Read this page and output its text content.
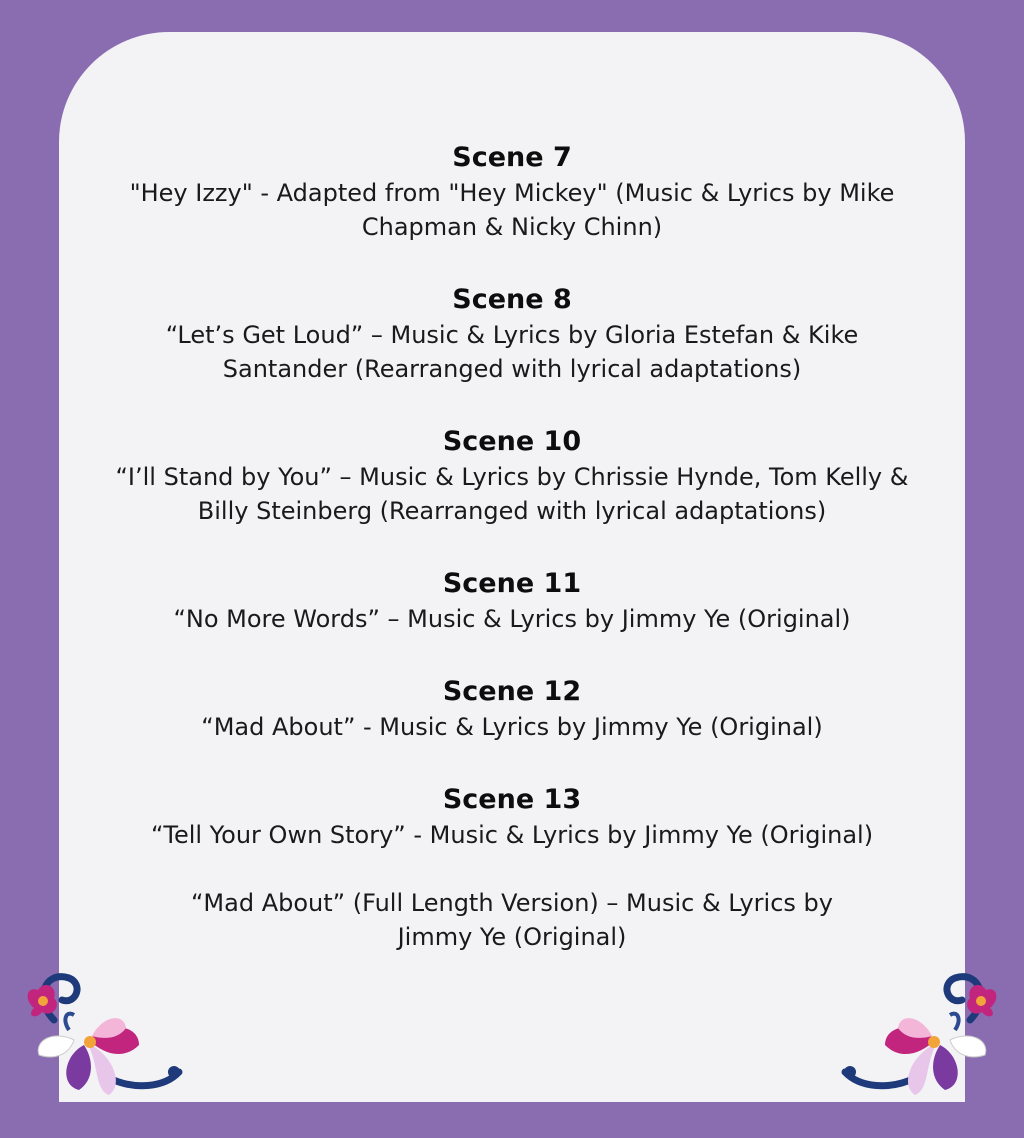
Scene 7

"Hey Izzy" - Adapted from "Hey Mickey" (Music & Lyrics by Mike Chapman & Nicky Chinn)

Scene 8

“Let’s Get Loud” – Music & Lyrics by Gloria Estefan & Kike Santander (Rearranged with lyrical adaptations)

Scene 10

“I’ll Stand by You” – Music & Lyrics by Chrissie Hynde, Tom Kelly & Billy Steinberg (Rearranged with lyrical adaptations)

Scene 11

“No More Words” – Music & Lyrics by Jimmy Ye (Original)

Scene 12

“Mad About” - Music & Lyrics by Jimmy Ye (Original)

Scene 13

“Tell Your Own Story” - Music & Lyrics by Jimmy Ye (Original)

“Mad About” (Full Length Version) – Music & Lyrics by Jimmy Ye (Original)
